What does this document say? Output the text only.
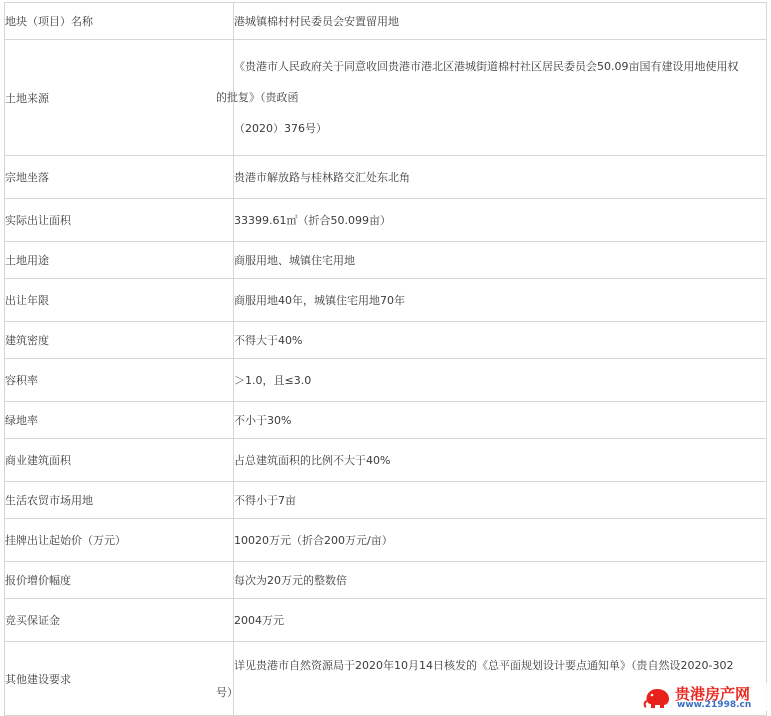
地块（项目）名称	港城镇棉村村民委员会安置留用地
土地来源	《贵港市人民政府关于同意收回贵港市港北区港城街道棉村社区居民委员会50.09亩国有建设用地使用权

的批复》（贵政函

（2020）376号）

宗地坐落	贵港市解放路与桂林路交汇处东北角
实际出让面积	33399.61㎡（折合50.099亩）
土地用途	商服用地、城镇住宅用地
出让年限	商服用地40年，城镇住宅用地70年
建筑密度	不得大于40%
容积率	＞1.0，且≤3.0
绿地率	不小于30%
商业建筑面积	占总建筑面积的比例不大于40%
生活农贸市场用地	不得小于7亩
挂牌出让起始价（万元）	10020万元（折合200万元/亩）
报价增价幅度	每次为20万元的整数倍
竞买保证金	2004万元
其他建设要求	详见贵港市自然资源局于2020年10月14日核发的《总平面规划设计要点通知单》（贵自然设2020-302

号）	贵港房产网
www.21998.cn
